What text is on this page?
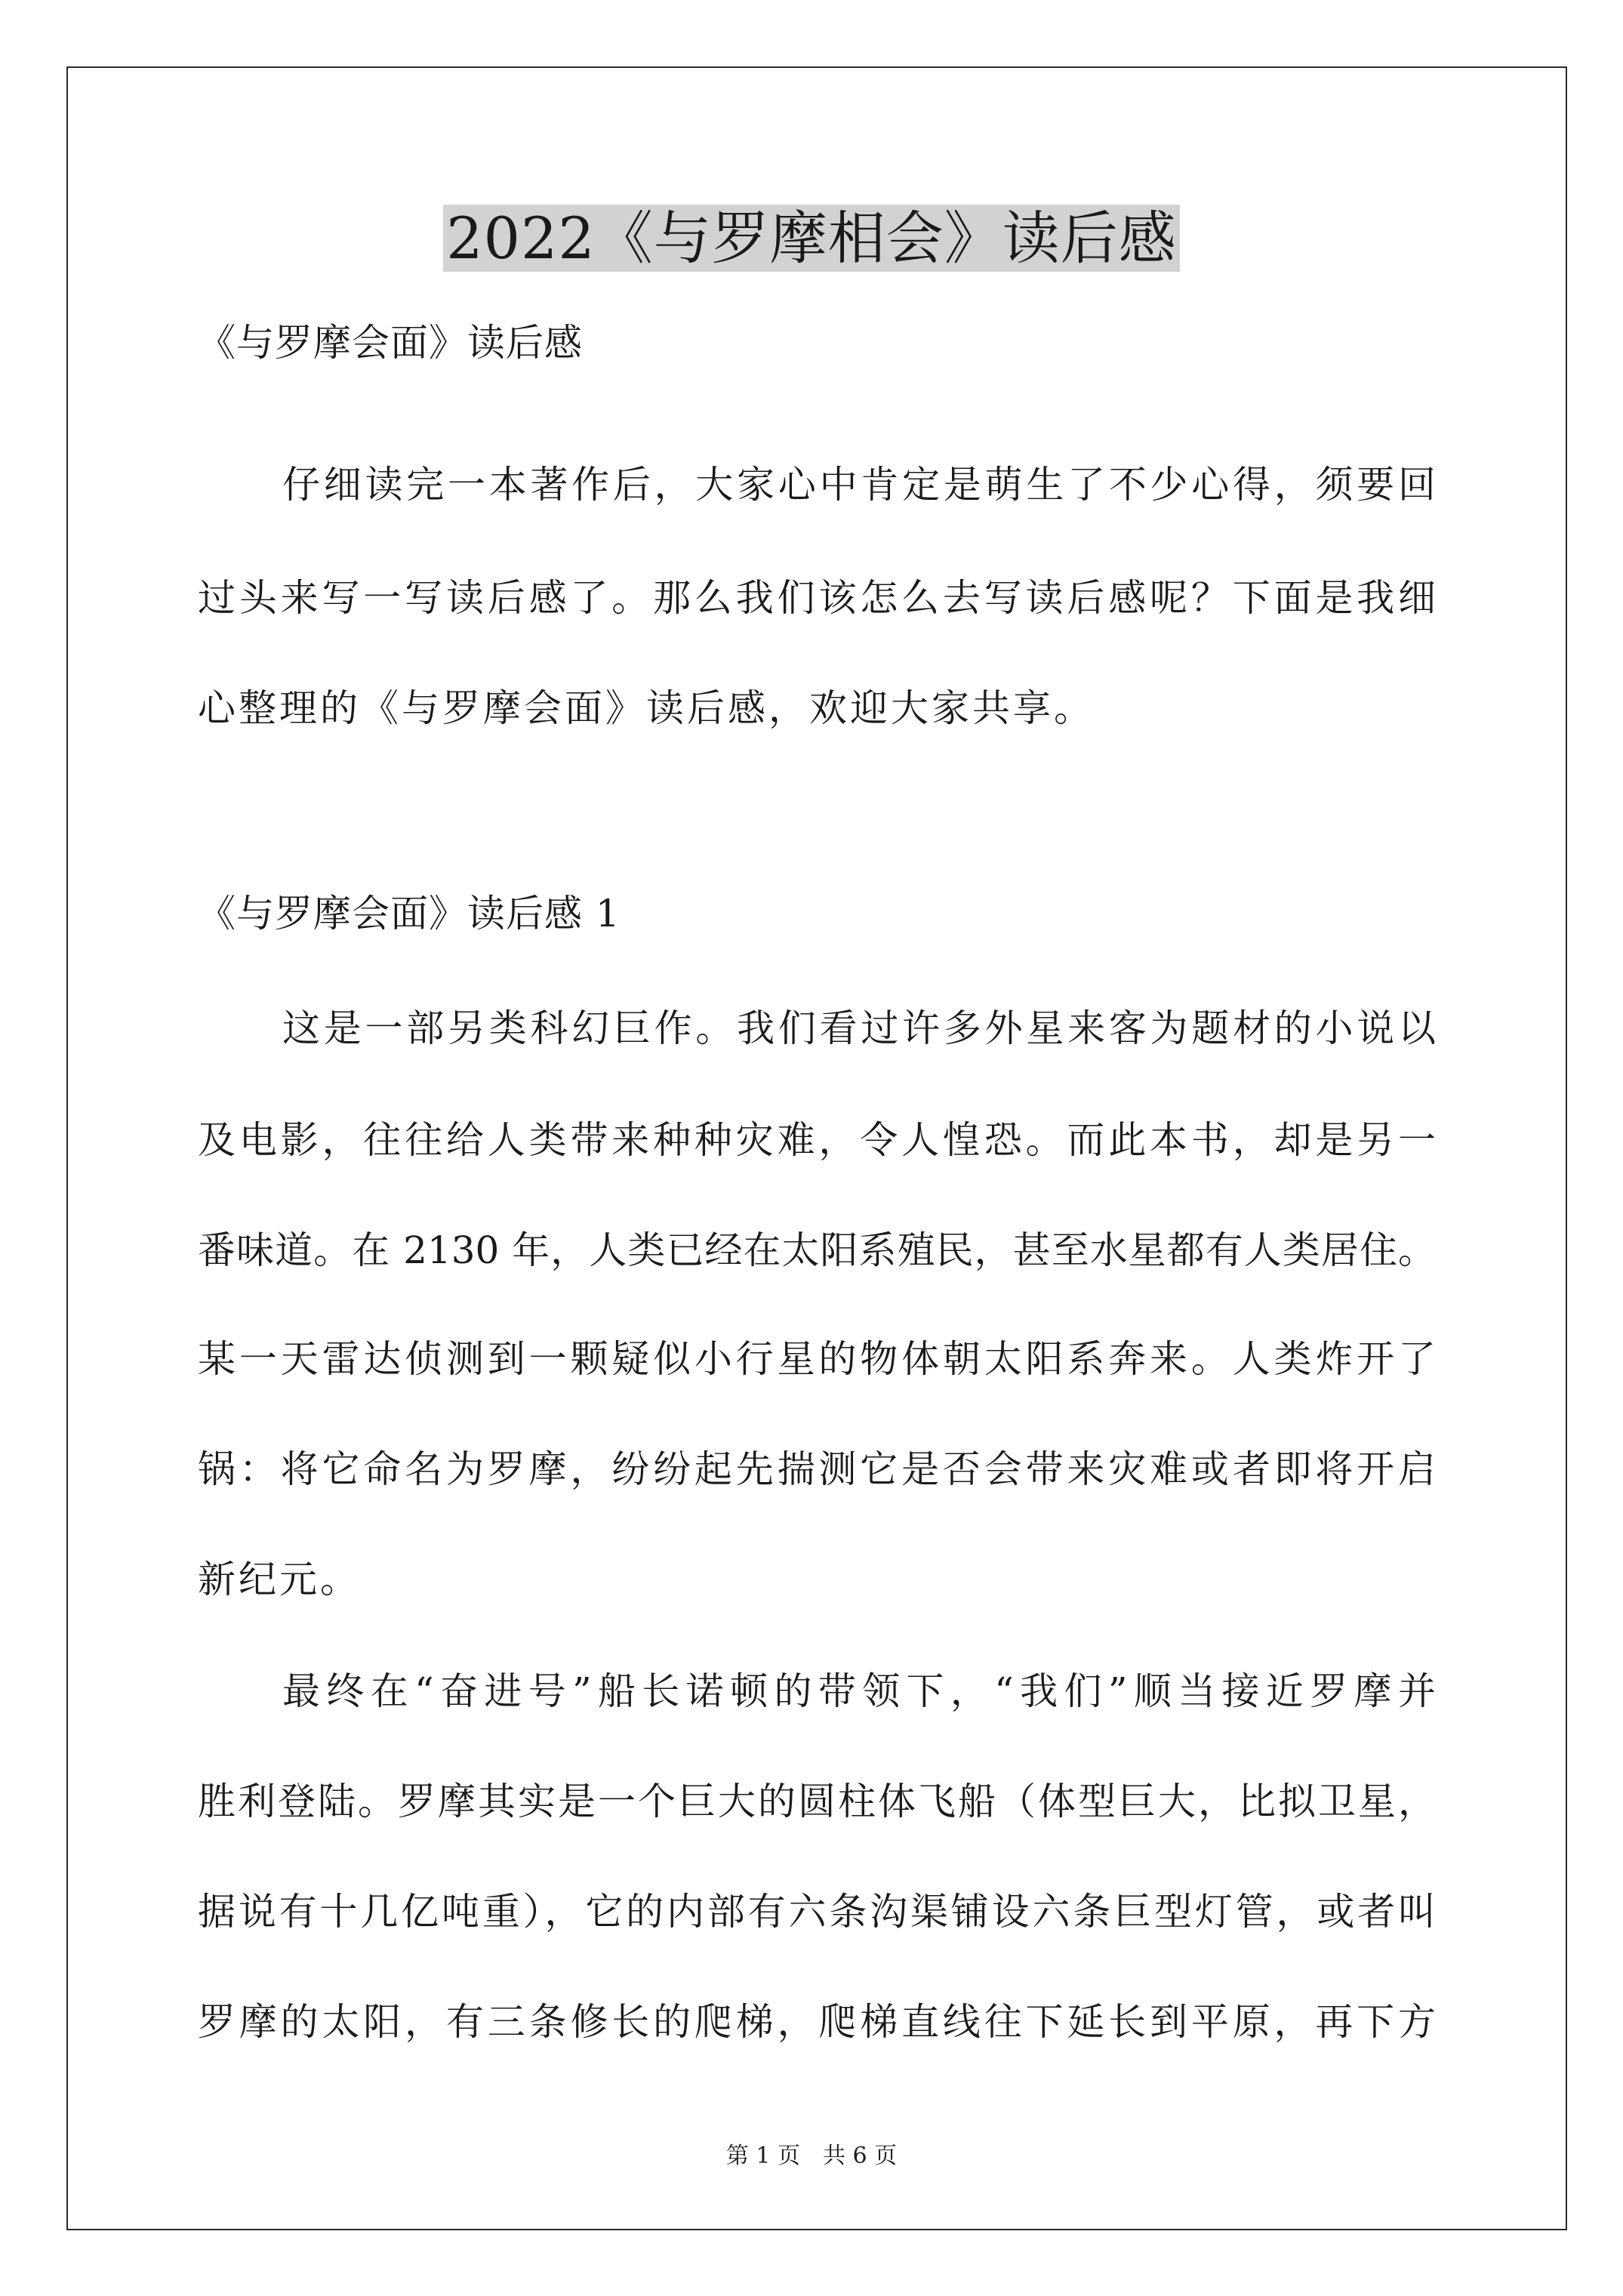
2022《与罗摩相会》读后感
《与罗摩会面》读后感
仔细读完一本著作后，大家心中肯定是萌生了不少心得，须要回
过头来写一写读后感了。那么我们该怎么去写读后感呢？下面是我细
心整理的《与罗摩会面》读后感，欢迎大家共享。
《与罗摩会面》读后感 1
这是一部另类科幻巨作。我们看过许多外星来客为题材的小说以
及电影，往往给人类带来种种灾难，令人惶恐。而此本书，却是另一
番味道。在 2130 年，人类已经在太阳系殖民，甚至水星都有人类居住。
某一天雷达侦测到一颗疑似小行星的物体朝太阳系奔来。人类炸开了
锅：将它命名为罗摩，纷纷起先揣测它是否会带来灾难或者即将开启
新纪元。
最终在“奋进号”船长诺顿的带领下，“我们”顺当接近罗摩并
胜利登陆。罗摩其实是一个巨大的圆柱体飞船（体型巨大，比拟卫星，
据说有十几亿吨重），它的内部有六条沟渠铺设六条巨型灯管，或者叫
罗摩的太阳，有三条修长的爬梯，爬梯直线往下延长到平原，再下方
第 1 页　共 6 页
